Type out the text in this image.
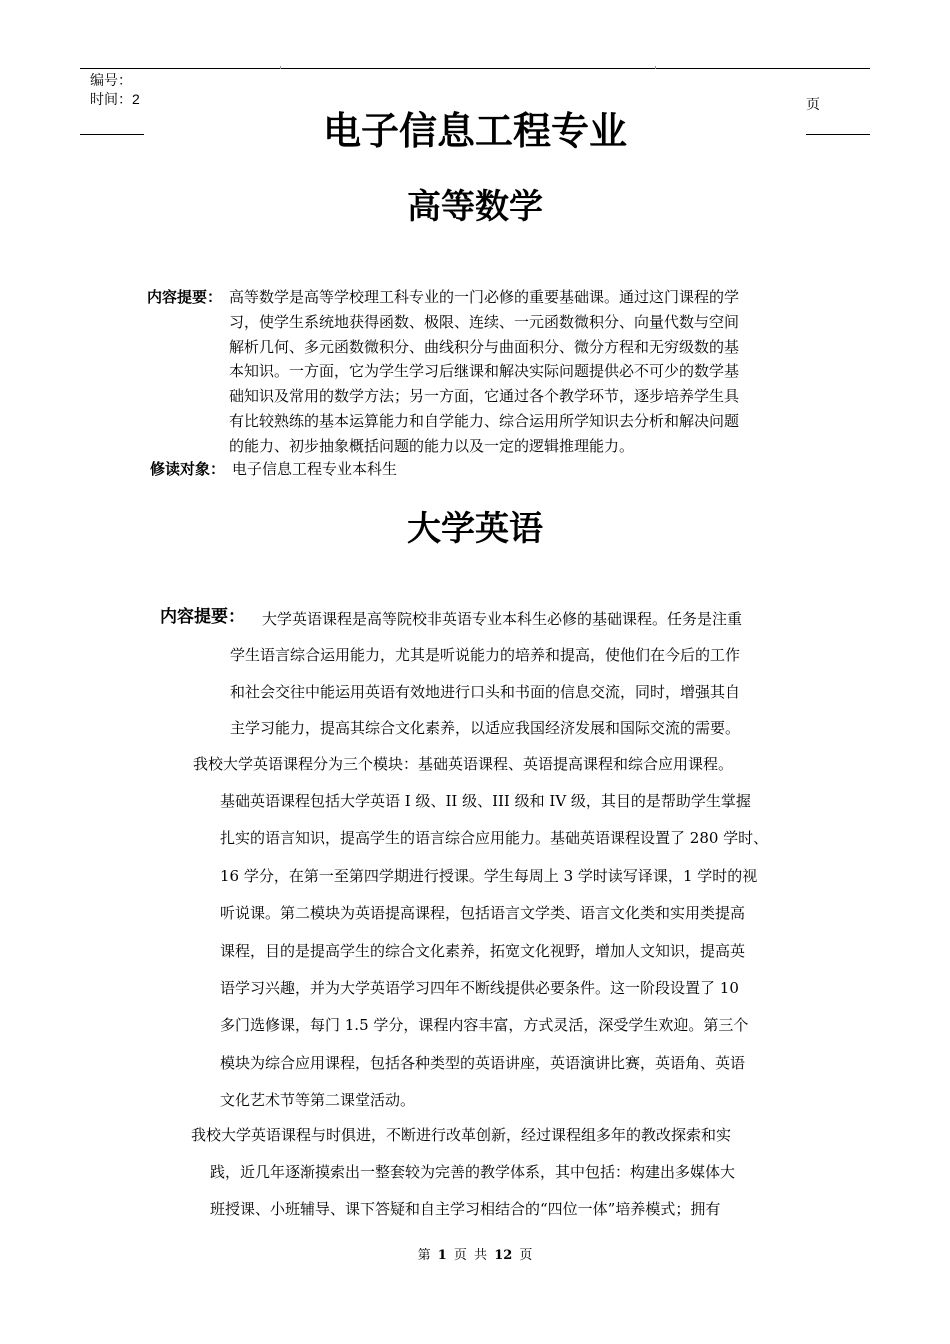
编号：
时间：2	页
电子信息工程专业
高等数学
内容提要： 高等数学是高等学校理工科专业的一门必修的重要基础课。通过这门课程的学
习，使学生系统地获得函数、极限、连续、一元函数微积分、向量代数与空间
解析几何、多元函数微积分、曲线积分与曲面积分、微分方程和无穷级数的基
本知识。一方面，它为学生学习后继课和解决实际问题提供必不可少的数学基
础知识及常用的数学方法；另一方面，它通过各个教学环节，逐步培养学生具
有比较熟练的基本运算能力和自学能力、综合运用所学知识去分析和解决问题
的能力、初步抽象概括问题的能力以及一定的逻辑推理能力。
修读对象： 电子信息工程专业本科生
大学英语
内容提要： 大学英语课程是高等院校非英语专业本科生必修的基础课程。任务是注重
学生语言综合运用能力，尤其是听说能力的培养和提高，使他们在今后的工作
和社会交往中能运用英语有效地进行口头和书面的信息交流，同时，增强其自
主学习能力，提高其综合文化素养，以适应我国经济发展和国际交流的需要。
我校大学英语课程分为三个模块：基础英语课程、英语提高课程和综合应用课程。
基础英语课程包括大学英语 I 级、II 级、III 级和 IV 级，其目的是帮助学生掌握
扎实的语言知识，提高学生的语言综合应用能力。基础英语课程设置了 280 学时、
16 学分，在第一至第四学期进行授课。学生每周上 3 学时读写译课，1 学时的视
听说课。第二模块为英语提高课程，包括语言文学类、语言文化类和实用类提高
课程，目的是提高学生的综合文化素养，拓宽文化视野，增加人文知识，提高英
语学习兴趣，并为大学英语学习四年不断线提供必要条件。这一阶段设置了 10
多门选修课，每门 1.5 学分，课程内容丰富，方式灵活，深受学生欢迎。第三个
模块为综合应用课程，包括各种类型的英语讲座，英语演讲比赛，英语角、英语
文化艺术节等第二课堂活动。
我校大学英语课程与时俱进，不断进行改革创新，经过课程组多年的教改探索和实
践，近几年逐渐摸索出一整套较为完善的教学体系，其中包括：构建出多媒体大
班授课、小班辅导、课下答疑和自主学习相结合的“四位一体”培养模式；拥有
第 1 页 共 12 页
